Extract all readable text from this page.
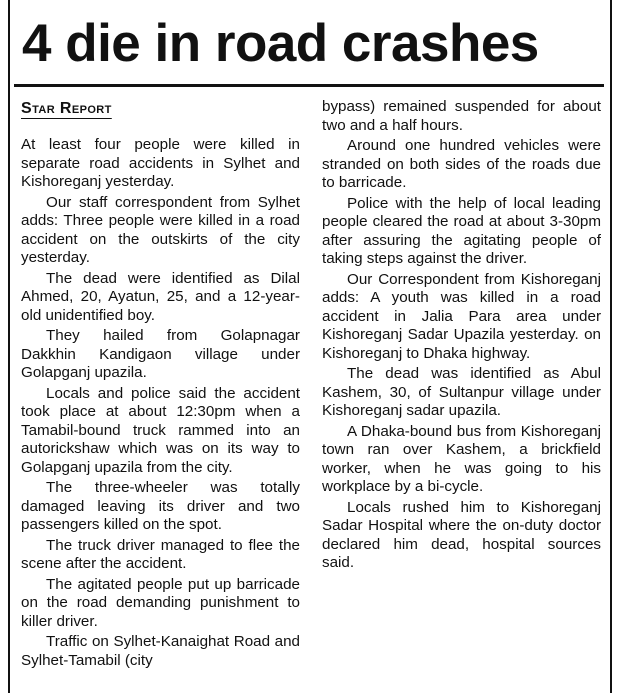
4 die in road crashes
Star Report

At least four people were killed in separate road accidents in Sylhet and Kishoreganj yesterday.

Our staff correspondent from Sylhet adds: Three people were killed in a road accident on the outskirts of the city yesterday.

The dead were identified as Dilal Ahmed, 20, Ayatun, 25, and a 12-year-old unidentified boy.

They hailed from Golapnagar Dakkhin Kandigaon village under Golapganj upazila.

Locals and police said the accident took place at about 12:30pm when a Tamabil-bound truck rammed into an autorickshaw which was on its way to Golapganj upazila from the city.

The three-wheeler was totally damaged leaving its driver and two passengers killed on the spot.

The truck driver managed to flee the scene after the accident.

The agitated people put up barricade on the road demanding punishment to killer driver.

Traffic on Sylhet-Kanaighat Road and Sylhet-Tamabil (city

bypass) remained suspended for about two and a half hours.

Around one hundred vehicles were stranded on both sides of the roads due to barricade.

Police with the help of local leading people cleared the road at about 3-30pm after assuring the agitating people of taking steps against the driver.

Our Correspondent from Kishoreganj adds: A youth was killed in a road accident in Jalia Para area under Kishoreganj Sadar Upazila yesterday. on Kishoreganj to Dhaka highway.

The dead was identified as Abul Kashem, 30, of Sultanpur village under Kishoreganj sadar upazila.

A Dhaka-bound bus from Kishoreganj town ran over Kashem, a brickfield worker, when he was going to his workplace by a bi-cycle.

Locals rushed him to Kishoreganj Sadar Hospital where the on-duty doctor declared him dead, hospital sources said.
